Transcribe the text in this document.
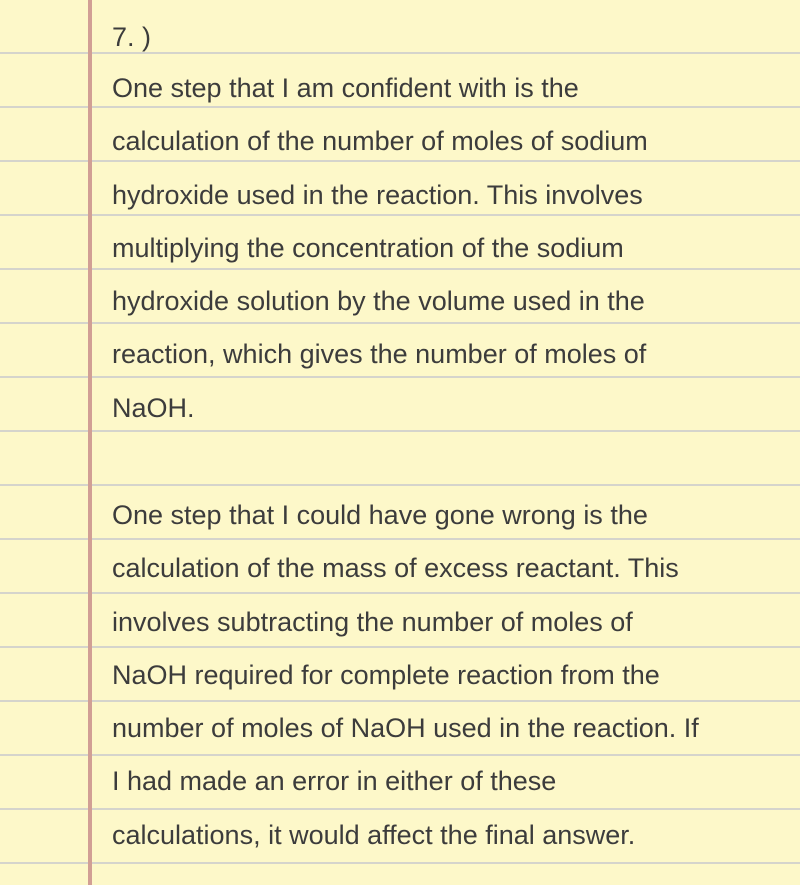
7. )
One step that I am confident with is the
calculation of the number of moles of sodium
hydroxide used in the reaction. This involves
multiplying the concentration of the sodium
hydroxide solution by the volume used in the
reaction, which gives the number of moles of
NaOH.
One step that I could have gone wrong is the
calculation of the mass of excess reactant. This
involves subtracting the number of moles of
NaOH required for complete reaction from the
number of moles of NaOH used in the reaction. If
I had made an error in either of these
calculations, it would affect the final answer.
